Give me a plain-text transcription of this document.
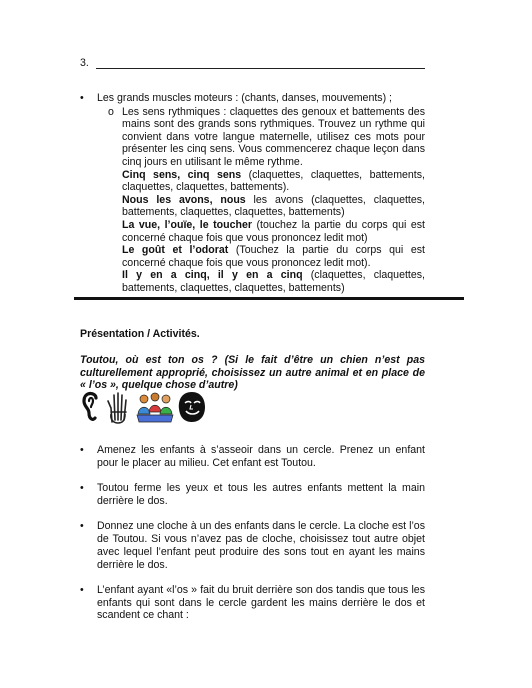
3.
• Les grands muscles moteurs : (chants, danses, mouvements) ;
o Les sens rythmiques : claquettes des genoux et battements des mains sont des grands sons rythmiques. Trouvez un rythme qui convient dans votre langue maternelle, utilisez ces mots pour présenter les cinq sens. Vous commencerez chaque leçon dans cinq jours en utilisant le même rythme.

Cinq sens, cinq sens (claquettes, claquettes, battements, claquettes, claquettes, battements).

Nous les avons, nous les avons (claquettes, claquettes, battements, claquettes, claquettes, battements)

La vue, l’ouïe, le toucher (touchez la partie du corps qui est concerné chaque fois que vous prononcez ledit mot)

Le goût et l’odorat (Touchez la partie du corps qui est concerné chaque fois que vous prononcez ledit mot).

Il y en a cinq, il y en a cinq (claquettes, claquettes, battements, claquettes, claquettes, battements)

Présentation / Activités.

Toutou, où est ton os ? (Si le fait d’être un chien n’est pas culturellement approprié, choisissez un autre animal et en place de « l’os », quelque chose d’autre)

• Amenez les enfants à s’asseoir dans un cercle. Prenez un enfant pour le placer au milieu. Cet enfant est Toutou.
• Toutou ferme les yeux et tous les autres enfants mettent la main derrière le dos.
• Donnez une cloche à un des enfants dans le cercle. La cloche est l’os de Toutou. Si vous n’avez pas de cloche, choisissez tout autre objet avec lequel l’enfant peut produire des sons tout en ayant les mains derrière le dos.
• L’enfant ayant «l’os » fait du bruit derrière son dos tandis que tous les enfants qui sont dans le cercle gardent les mains derrière le dos et scandent ce chant :
